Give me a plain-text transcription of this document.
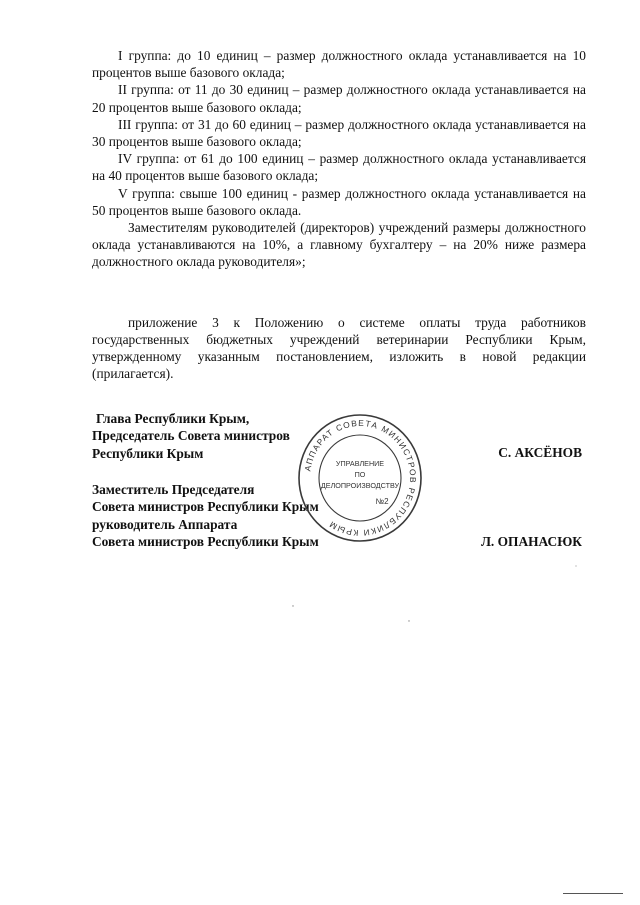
I группа: до 10 единиц – размер должностного оклада устанавливается на 10 процентов выше базового оклада;

II группа: от 11 до 30 единиц – размер должностного оклада устанавливается на 20 процентов выше базового оклада;

III группа: от 31 до 60 единиц – размер должностного оклада устанавливается на 30 процентов выше базового оклада;

IV группа: от 61 до 100 единиц – размер должностного оклада устанавливается на 40 процентов выше базового оклада;

V группа: свыше 100 единиц - размер должностного оклада устанавливается на 50 процентов выше базового оклада.

Заместителям руководителей (директоров) учреждений размеры должностного оклада устанавливаются на 10%, а главному бухгалтеру – на 20% ниже размера должностного оклада руководителя»;

приложение 3 к Положению о системе оплаты труда работников государственных бюджетных учреждений ветеринарии Республики Крым, утвержденному указанным постановлением, изложить в новой редакции (прилагается).

Глава Республики Крым,
Председатель Совета министров
Республики Крым	С. АКСЁНОВ
Заместитель Председателя
Совета министров Республики Крым
руководитель Аппарата
Совета министров Республики Крым	Л. ОПАНАСЮК
АППАРАТ СОВЕТА МИНИСТРОВ РЕСПУБЛИКИ КРЫМ
УПРАВЛЕНИЕ
ПО
ДЕЛОПРОИЗВОДСТВУ
№2
